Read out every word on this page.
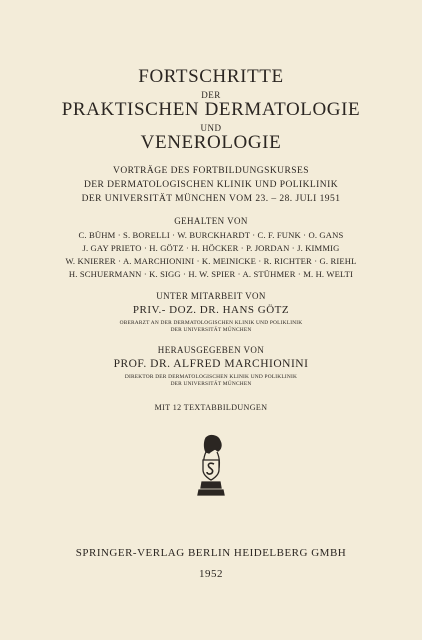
FORTSCHRITTE
DER
PRAKTISCHEN DERMATOLOGIE
UND
VENEROLOGIE
VORTRÄGE DES FORTBILDUNGSKURSES
DER DERMATOLOGISCHEN KLINIK UND POLIKLINIK
DER UNIVERSITÄT MÜNCHEN VOM 23. – 28. JULI 1951
GEHALTEN VON
C. BÜHM · S. BORELLI · W. BURCKHARDT · C. F. FUNK · O. GANS
J. GAY PRIETO · H. GÖTZ · H. HÖCKER · P. JORDAN · J. KIMMIG
W. KNIERER · A. MARCHIONINI · K. MEINICKE · R. RICHTER · G. RIEHL
H. SCHUERMANN · K. SIGG · H. W. SPIER · A. STÜHMER · M. H. WELTI
UNTER MITARBEIT VON
PRIV.- DOZ. DR. HANS GÖTZ
OBERARZT AN DER DERMATOLOGISCHEN KLINIK UND POLIKLINIK
DER UNIVERSITÄT MÜNCHEN
HERAUSGEGEBEN VON
PROF. DR. ALFRED MARCHIONINI
DIREKTOR DER DERMATOLOGISCHEN KLINIK UND POLIKLINIK
DER UNIVERSITÄT MÜNCHEN
MIT 12 TEXTABBILDUNGEN
SPRINGER-VERLAG BERLIN HEIDELBERG GMBH
1952
